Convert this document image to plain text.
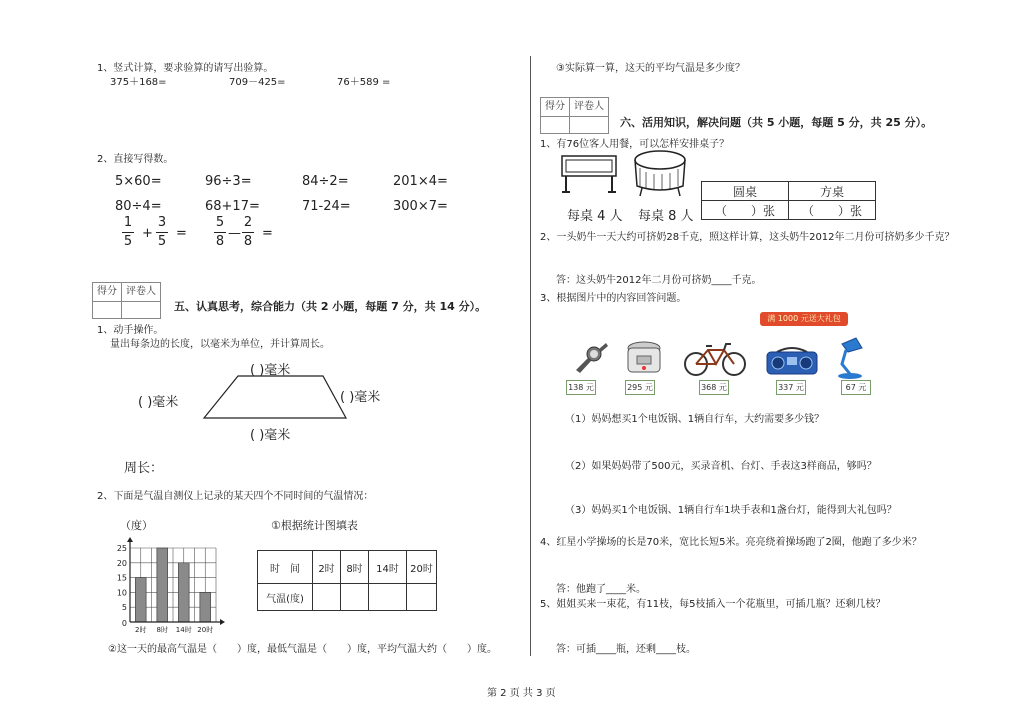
1、竖式计算，要求验算的请写出验算。
375＋168=	709－425=	76＋589 =
2、直接写得数。
5×60=	96÷3=	84÷2=	201×4=
80÷4=	68+17=	71-24=	300×7=
1
5
+
3
5
=
5
8
—
2
8
=
得分 评卷人
五、认真思考，综合能力（共 2 小题，每题 7 分，共 14 分）。
1、动手操作。
量出每条边的长度，以毫米为单位，并计算周长。
( )毫米
( )毫米	( )毫米
( )毫米
周长：
2、下面是气温自测仪上记录的某天四个不同时间的气温情况：
（度）	①根据统计图填表
5
10
15
20
25
2时 8时 14时 20时
0
时　间	2时	8时	14时	20时
气温(度)				
②这一天的最高气温是（　　）度，最低气温是（　　）度，平均气温大约（　　）度。
③实际算一算，这天的平均气温是多少度？
得分 评卷人
六、活用知识，解决问题（共 5 小题，每题 5 分，共 25 分）。
1、有76位客人用餐，可以怎样安排桌子？
每桌 4 人 每桌 8 人
圆桌	方桌
（　　）张	（　　）张
2、一头奶牛一天大约可挤奶28千克，照这样计算，这头奶牛2012年二月份可挤奶多少千克？
答：这头奶牛2012年二月份可挤奶____千克。
3、根据图片中的内容回答问题。
满 1000 元送大礼包
138 元	295 元	368 元	337 元	67 元
（1）妈妈想买1个电饭锅、1辆自行车，大约需要多少钱？
（2）如果妈妈带了500元，买录音机、台灯、手表这3样商品，够吗？
（3）妈妈买1个电饭锅、1辆自行车1块手表和1盏台灯，能得到大礼包吗？
4、红星小学操场的长是70米，宽比长短5米。亮亮绕着操场跑了2圈，他跑了多少米？
答：他跑了____米。
5、姐姐买来一束花，有11枝，每5枝插入一个花瓶里，可插几瓶？还剩几枝？
答：可插____瓶，还剩____枝。
第 2 页 共 3 页
